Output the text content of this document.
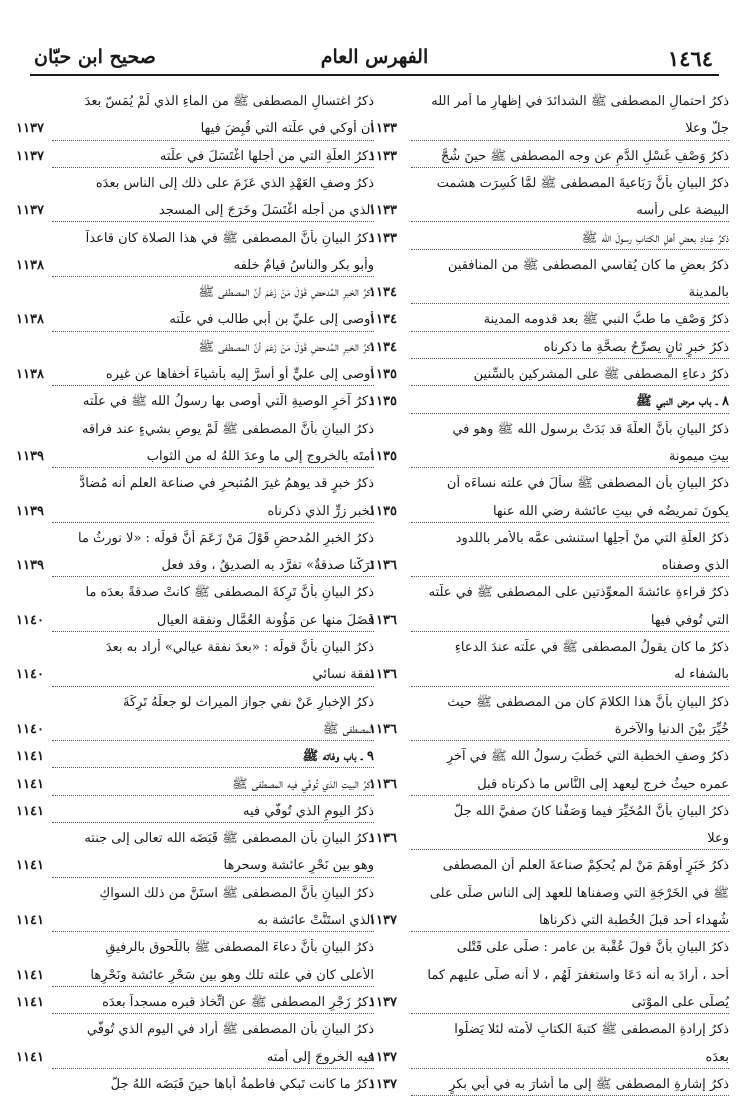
١٤٦٤
الفهرس العام
صحيح ابن حبّان
ذكرُ احتمالِ المصطفى ﷺ الشدائدَ في إظهارِ ما أمر الله
جلَّ وعلا
١١٣٣
ذكرُ وَصْفِ غَسْلِ الدَّمِ عن وجه المصطفى ﷺ حينَ شُجَّ
١١٣٣
ذكرُ البيانِ بأنَّ رَبَاعيةَ المصطفى ﷺ لمَّا كُسِرَت هشمت
البيضة على رأسه
١١٣٣
ذكرُ عِنادِ بعضِ أهلِ الكتابِ رسولَ الله ﷺ
١١٣٣
ذكرُ بعضِ ما كان يُقاسي المصطفى ﷺ من المنافقين
بالمدينة
١١٣٤
ذكرُ وَصْفِ ما طبَّ النبي ﷺ بعد قدومه المدينة
١١٣٤
ذكرُ خبرٍ ثانٍ يصرِّحُ بصحَّةِ ما ذكرناه
١١٣٤
ذكرُ دعاءِ المصطفى ﷺ على المشركين بالسِّنين
١١٣٥
٨ ـ باب مرض النبي ﷺ
١١٣٥
ذكرُ البيانِ بأنَّ العلَّةَ قد بَدَتْ برسول الله ﷺ وهو في
بيتِ ميمونة
١١٣٥
ذكرُ البيانِ بأن المصطفى ﷺ سألَ في علته نساءَه أن
يكونَ تمريضُه في بيتِ عائشة رضي الله عنها
١١٣٥
ذكرُ العلَّةِ التي منْ أجلِها استنشى عمَّه بالأمر باللدود
الذي وصفناه
١١٣٦
ذكرُ قراءةِ عائشةَ المعوِّذتين على المصطفى ﷺ في علَّته
التي تُوفي فيها
١١٣٦
ذكرُ ما كان يقولُ المصطفى ﷺ في علَّته عندَ الدعاءِ
بالشفاء له
١١٣٦
ذكرُ البيانِ بأنَّ هذا الكلامَ كان من المصطفى ﷺ حيث
خُيِّرَ بيْنَ الدنيا والآخرة
١١٣٦
ذكرُ وصفِ الخطبة التي خَطَبَ رسولُ الله ﷺ في آخرِ
عمره حيثُ خرج ليعهد إلى النَّاس ما ذكرناه قبل
١١٣٦
ذكرُ البيانِ بأنَّ المُخَيِّرَ فيما وَصَفْنا كانَ صفيَّ الله جلَّ
وعلا
١١٣٦
ذكرُ خَبَرٍ أَوهَمَ مَنْ لم يُحكِمْ صناعةَ العلم أن المصطفى
ﷺ في الخَرْجَةِ التي وصفناها للعهد إلى الناس صلَّى على
شُهداء أُحد قبلَ الخُطبة التي ذكرناها
١١٣٧
ذكرُ البيانِ بأنَّ قولَ عُقْبة بن عامر : صلَّى على قَتْلى
أحد ، أرادَ به أنه دَعَا واستغفرَ لَهُم ، لا أنه صلَّى عليهم كما
يُصلَّى على الموْتى
١١٣٧
ذكرُ إرادةِ المصطفى ﷺ كتبةَ الكتابِ لأمته لئلا يَضلُّوا
بعدَه
١١٣٧
ذكرُ إشارةِ المصطفى ﷺ إلى ما أشارَ به في أبي بكرٍ
١١٣٧
ذكرُ اغتسالِ المصطفى ﷺ من الماءِ الذي لَمْ يُمَسّ بعدَ
أن أُوكي في علَّته التي قُبِضَ فيها
١١٣٧
ذكرُ العلَّةِ التي من أجلها اغْتَسَلَ في علَّته
١١٣٧
ذكرُ وصفِ العَهْدِ الذي عَزَمَ على ذلك إلى الناس بعدَه
الذي من أجله اغْتَسَلَ وخَرَجَ إلى المسجد
١١٣٧
ذكرُ البيانِ بأنَّ المصطفى ﷺ في هذا الصلاة كان قاعداً
وأبو بكر والناسُ قيامٌ خلفه
١١٣٨
ذكرُ الخبرِ المُدحضِ قَوْلَ مَنْ زَعَمَ أنَّ المصطفى ﷺ
أوصى إلى عليِّ بن أبي طالب في علَّته
١١٣٨
ذكرُ الخبرِ المُدحضِ قَوْلَ مَنْ زَعَمَ أنَّ المصطفى ﷺ
أوصى إلى عليٍّ أو أسرَّ إليه بأشياءَ أخفاها عن غيره
١١٣٨
ذكرُ آخرِ الوصيةِ الَّتي أوصى بها رسولُ الله ﷺ في علَّته
ذكرُ البيانِ بأنَّ المصطفى ﷺ لَمْ يوصِ بشيءٍ عند فراقه
أمتَه بالخروج إلى ما وعدَ اللهُ له من الثواب
١١٣٩
ذكرُ خبرٍ قد يوهمُ غيرَ المُتبحرِ في صناعة العلم أنه مُضادٌّ
لخبر زرٍّ الذي ذكرناه
١١٣٩
ذكرُ الخبرِ المُدحضِ قَوْلَ مَنْ زَعَمَ أنَّ قولَه : «لا نورثُ ما
تَرَكْنا صدقةٌ» تفرَّد به الصديقُ ، وقد فعل
١١٣٩
ذكرُ البيانِ بأنَّ تَرِكةَ المصطفى ﷺ كانتْ صدقةً بعدَه ما
فَضَلَ منها عن مَؤُونة العُمَّال ونفقة العيال
١١٤٠
ذكرُ البيانِ بأنَّ قولَه : «بعدَ نفقة عيالي» أراد به بعدَ
نفقة نسائي
١١٤٠
ذكرُ الإخبارِ عَنْ نفي جواز الميراث لو جعلَهُ تَرِكَةَ
المصطفى ﷺ
١١٤٠
٩ ـ باب وفاته ﷺ
١١٤١
ذكرُ البيتِ الذي تُوفّي فيه المصطفى ﷺ
١١٤١
ذكرُ اليومِ الذي تُوفّي فيه
١١٤١
ذكرُ البيانِ بأن المصطفى ﷺ قَبَضَه الله تعالى إلى جنته
وهو بين نَحْرِ عائشة وسحرها
١١٤١
ذكرُ البيانِ بأنَّ المصطفى ﷺ استَنَّ من ذلك السواكِ
الذي استَنَّتْ عائشة به
١١٤١
ذكرُ البيانِ بأنَّ دعاءَ المصطفى ﷺ باللُّحوق بالرفيقِ
الأعلى كان في علته تلك وهو بين سَحْرِ عائشة ونَحْرِها
١١٤١
ذكرُ زَجْرِ المصطفى ﷺ عن اتِّخاذ قبره مسجداً بعدَه
١١٤١
ذكرُ البيانِ بأن المصطفى ﷺ أراد في اليوم الذي تُوفّي
فيه الخروجَ إلى أمته
١١٤١
ذكرُ ما كانت تَبكي فاطمةُ أباها حينَ قَبَضَه اللهُ جلَّ
